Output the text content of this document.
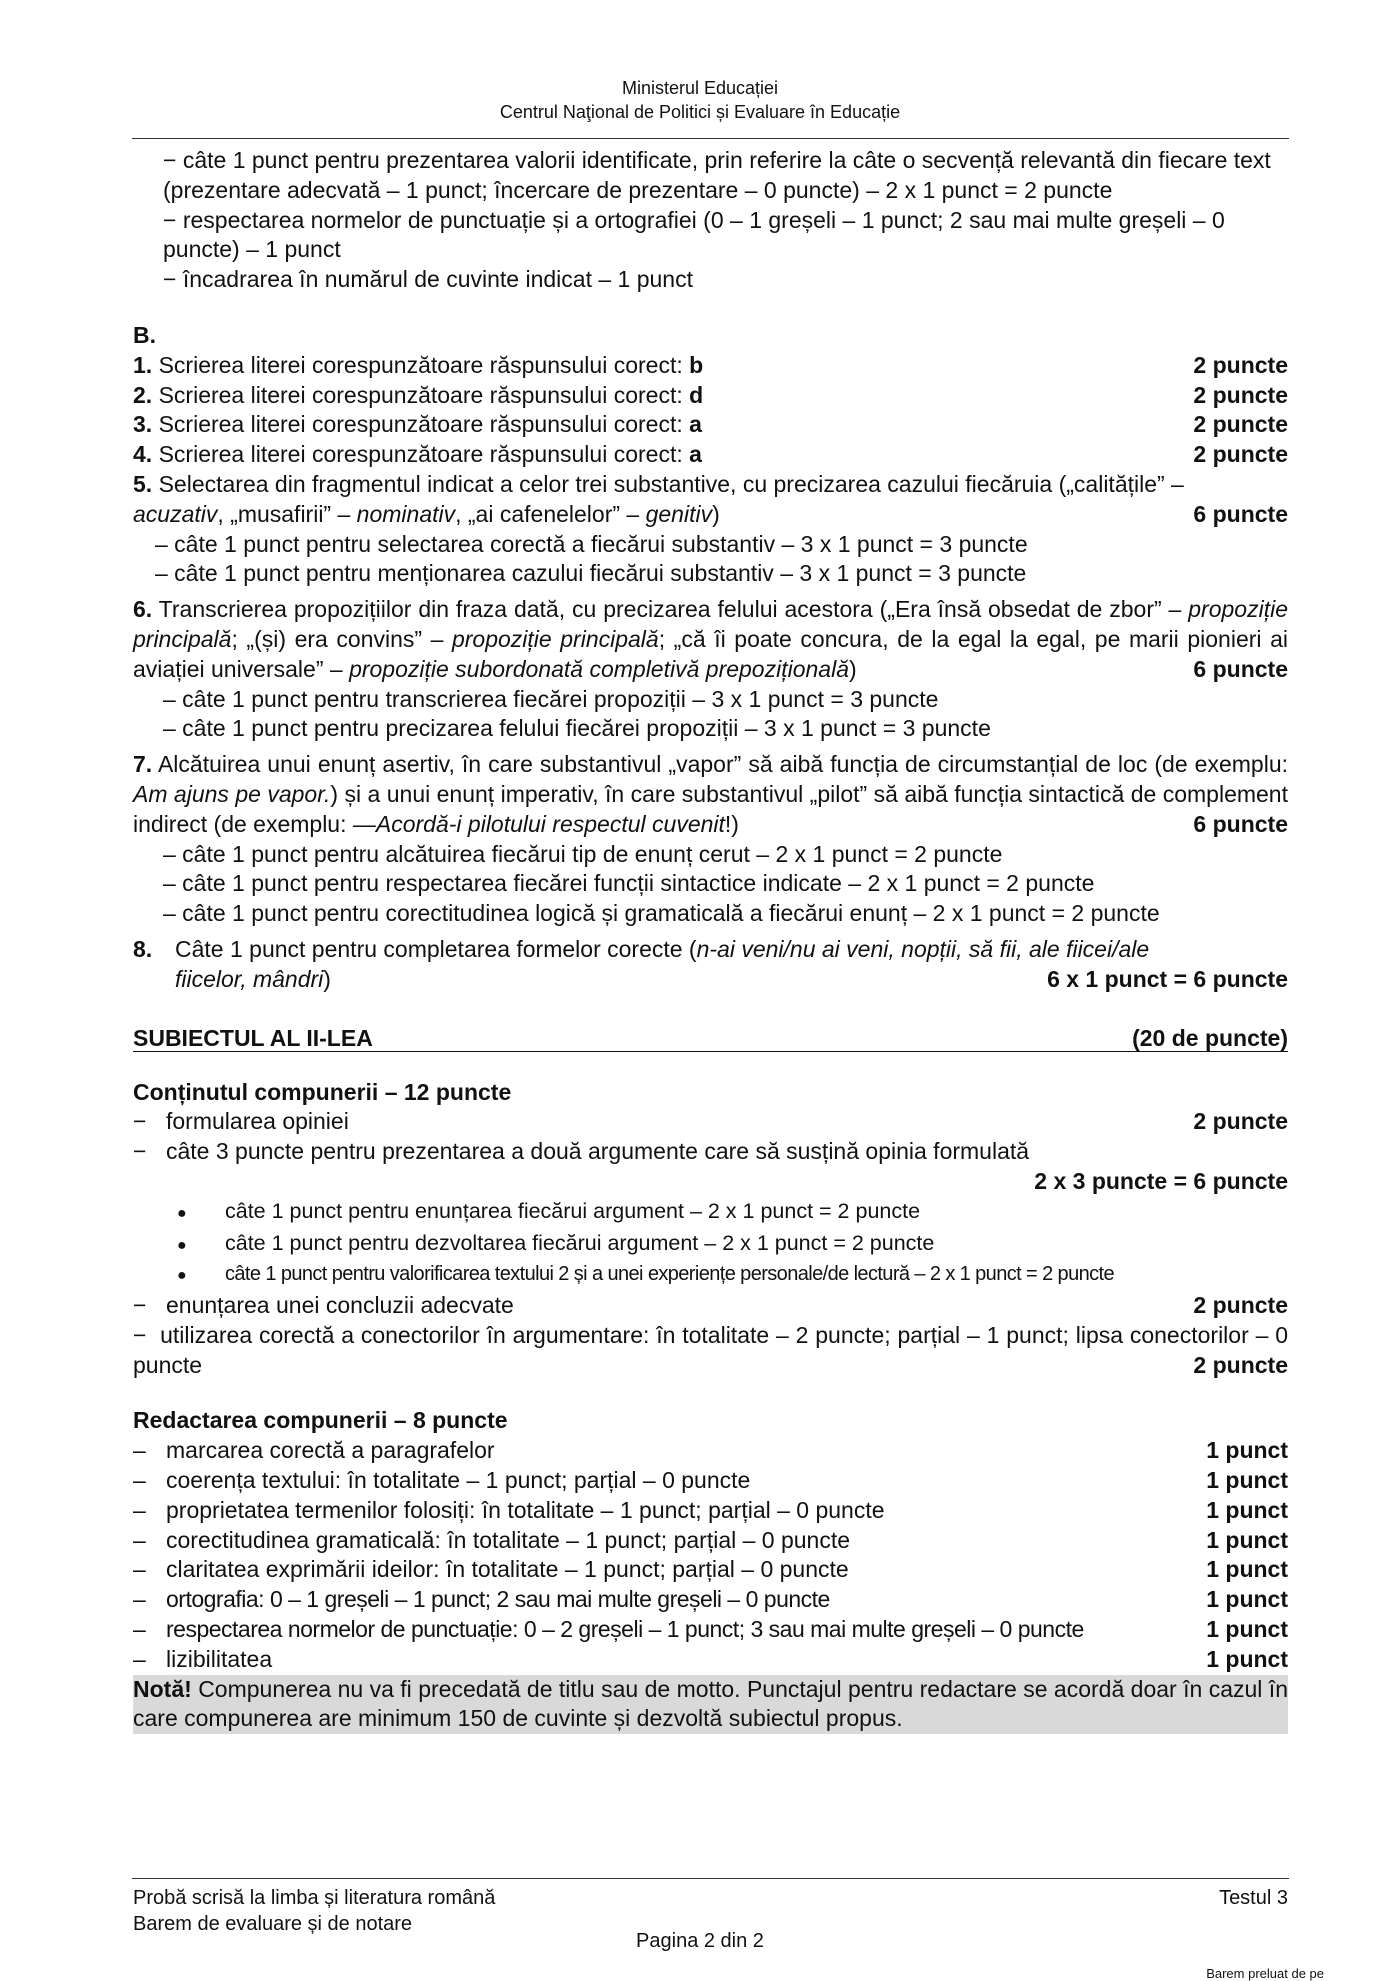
Ministerul Educației
Centrul Naţional de Politici și Evaluare în Educație

− câte 1 punct pentru prezentarea valorii identificate, prin referire la câte o secvență relevantă din fiecare text (prezentare adecvată – 1 punct; încercare de prezentare – 0 puncte) – 2 x 1 punct = 2 puncte

− respectarea normelor de punctuație și a ortografiei (0 – 1 greșeli – 1 punct; 2 sau mai multe greșeli – 0 puncte) – 1 punct

− încadrarea în numărul de cuvinte indicat – 1 punct

B.

1. Scrierea literei corespunzătoare răspunsului corect: b	2 puncte
2. Scrierea literei corespunzătoare răspunsului corect: d	2 puncte
3. Scrierea literei corespunzătoare răspunsului corect: a	2 puncte
4. Scrierea literei corespunzătoare răspunsului corect: a	2 puncte

5. Selectarea din fragmentul indicat a celor trei substantive, cu precizarea cazului fiecăruia („calitățile” –

acuzativ, „musafirii” – nominativ, „ai cafenelelor” – genitiv)	6 puncte

– câte 1 punct pentru selectarea corectă a fiecărui substantiv – 3 x 1 punct = 3 puncte

– câte 1 punct pentru menționarea cazului fiecărui substantiv – 3 x 1 punct = 3 puncte

6. Transcrierea propozițiilor din fraza dată, cu precizarea felului acestora („Era însă obsedat de zbor” – propoziție principală; „(și) era convins” – propoziție principală; „că îi poate concura, de la egal la egal, pe marii pionieri ai aviației universale” – propoziție subordonată completivă prepozițională)	6 puncte

– câte 1 punct pentru transcrierea fiecărei propoziții – 3 x 1 punct = 3 puncte

– câte 1 punct pentru precizarea felului fiecărei propoziții – 3 x 1 punct = 3 puncte

7. Alcătuirea unui enunț asertiv, în care substantivul „vapor” să aibă funcția de circumstanțial de loc (de exemplu: Am ajuns pe vapor.) și a unui enunț imperativ, în care substantivul „pilot” să aibă funcția sintactică de complement indirect (de exemplu: —Acordă-i pilotului respectul cuvenit!)	6 puncte

– câte 1 punct pentru alcătuirea fiecărui tip de enunț cerut – 2 x 1 punct = 2 puncte

– câte 1 punct pentru respectarea fiecărei funcții sintactice indicate – 2 x 1 punct = 2 puncte

– câte 1 punct pentru corectitudinea logică și gramaticală a fiecărui enunț – 2 x 1 punct = 2 puncte

8. Câte 1 punct pentru completarea formelor corecte (n-ai veni/nu ai veni, nopții, să fii, ale fiicei/ale

fiicelor, mândri)	6 x 1 punct = 6 puncte
SUBIECTUL AL II-LEA	(20 de puncte)

Conținutul compunerii – 12 puncte

− formularea opiniei	2 puncte

− câte 3 puncte pentru prezentarea a două argumente care să susțină opinia formulată

2 x 3 puncte = 6 puncte

●	câte 1 punct pentru enunțarea fiecărui argument – 2 x 1 punct = 2 puncte
●	câte 1 punct pentru dezvoltarea fiecărui argument – 2 x 1 punct = 2 puncte
●	câte 1 punct pentru valorificarea textului 2 și a unei experiențe personale/de lectură – 2 x 1 punct = 2 puncte
− enunțarea unei concluzii adecvate	2 puncte

−  utilizarea corectă a conectorilor în argumentare: în totalitate – 2 puncte; parțial – 1 punct; lipsa conectorilor – 0 puncte	2 puncte

Redactarea compunerii – 8 puncte

– marcarea corectă a paragrafelor	1 punct
– coerența textului: în totalitate – 1 punct; parțial – 0 puncte	1 punct
– proprietatea termenilor folosiți: în totalitate – 1 punct; parțial – 0 puncte	1 punct
– corectitudinea gramaticală: în totalitate – 1 punct; parțial – 0 puncte	1 punct
– claritatea exprimării ideilor: în totalitate – 1 punct; parțial – 0 puncte	1 punct
– ortografia: 0 – 1 greșeli – 1 punct; 2 sau mai multe greșeli – 0 puncte	1 punct
– respectarea normelor de punctuație: 0 – 2 greșeli – 1 punct; 3 sau mai multe greșeli – 0 puncte	1 punct
– lizibilitatea	1 punct

Notă! Compunerea nu va fi precedată de titlu sau de motto. Punctajul pentru redactare se acordă doar în cazul în care compunerea are minimum 150 de cuvinte și dezvoltă subiectul propus.

Probă scrisă la limba și literatura română	Testul 3
Barem de evaluare și de notare
Pagina 2 din 2
Barem preluat de pe
